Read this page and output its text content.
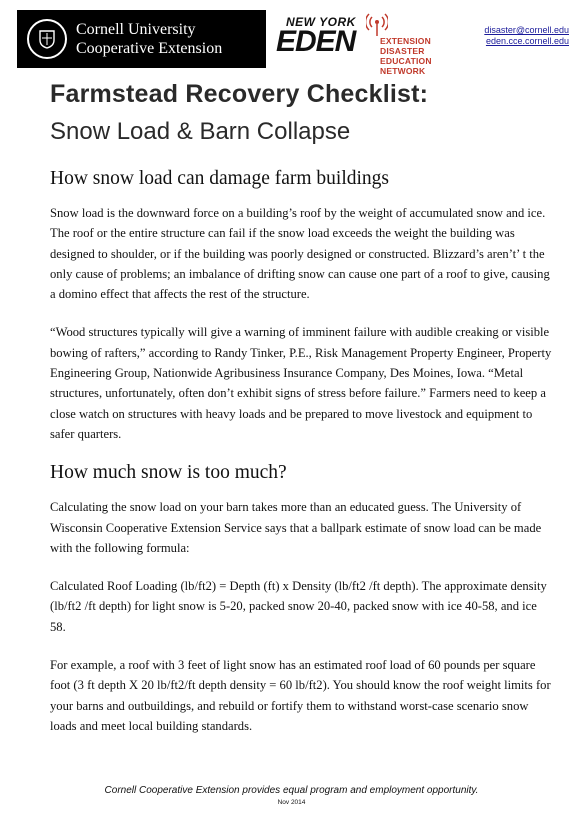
Cornell University
Cooperative Extension
NEW YORK
EDEN	EXTENSION DISASTER
EDUCATION NETWORK
disaster@cornell.edu
eden.cce.cornell.edu
Farmstead Recovery Checklist:
Snow Load & Barn Collapse
How snow load can damage farm buildings

Snow load is the downward force on a building’s roof by the weight of accumulated snow and ice. The roof or the entire structure can fail if the snow load exceeds the weight the building was designed to shoulder, or if the building was poorly designed or constructed. Blizzard’s aren’t’ t the only cause of problems; an imbalance of drifting snow can cause one part of a roof to give, causing a domino effect that affects the rest of the structure.

“Wood structures typically will give a warning of imminent failure with audible creaking or visible bowing of rafters,” according to Randy Tinker, P.E., Risk Management Property Engineer, Property Engineering Group, Nationwide Agribusiness Insurance Company, Des Moines, Iowa. “Metal structures, unfortunately, often don’t exhibit signs of stress before failure.” Farmers need to keep a close watch on structures with heavy loads and be prepared to move livestock and equipment to safer quarters.

How much snow is too much?

Calculating the snow load on your barn takes more than an educated guess. The University of Wisconsin Cooperative Extension Service says that a ballpark estimate of snow load can be made with the following formula:

Calculated Roof Loading (lb/ft2) = Depth (ft) x Density (lb/ft2 /ft depth). The approximate density (lb/ft2 /ft depth) for light snow is 5-20, packed snow 20-40, packed snow with ice 40-58, and ice 58.

For example, a roof with 3 feet of light snow has an estimated roof load of 60 pounds per square foot (3 ft depth X 20 lb/ft2/ft depth density = 60 lb/ft2). You should know the roof weight limits for your barns and outbuildings, and rebuild or fortify them to withstand worst-case scenario snow loads and meet local building standards.

Cornell Cooperative Extension provides equal program and employment opportunity.
Nov 2014
